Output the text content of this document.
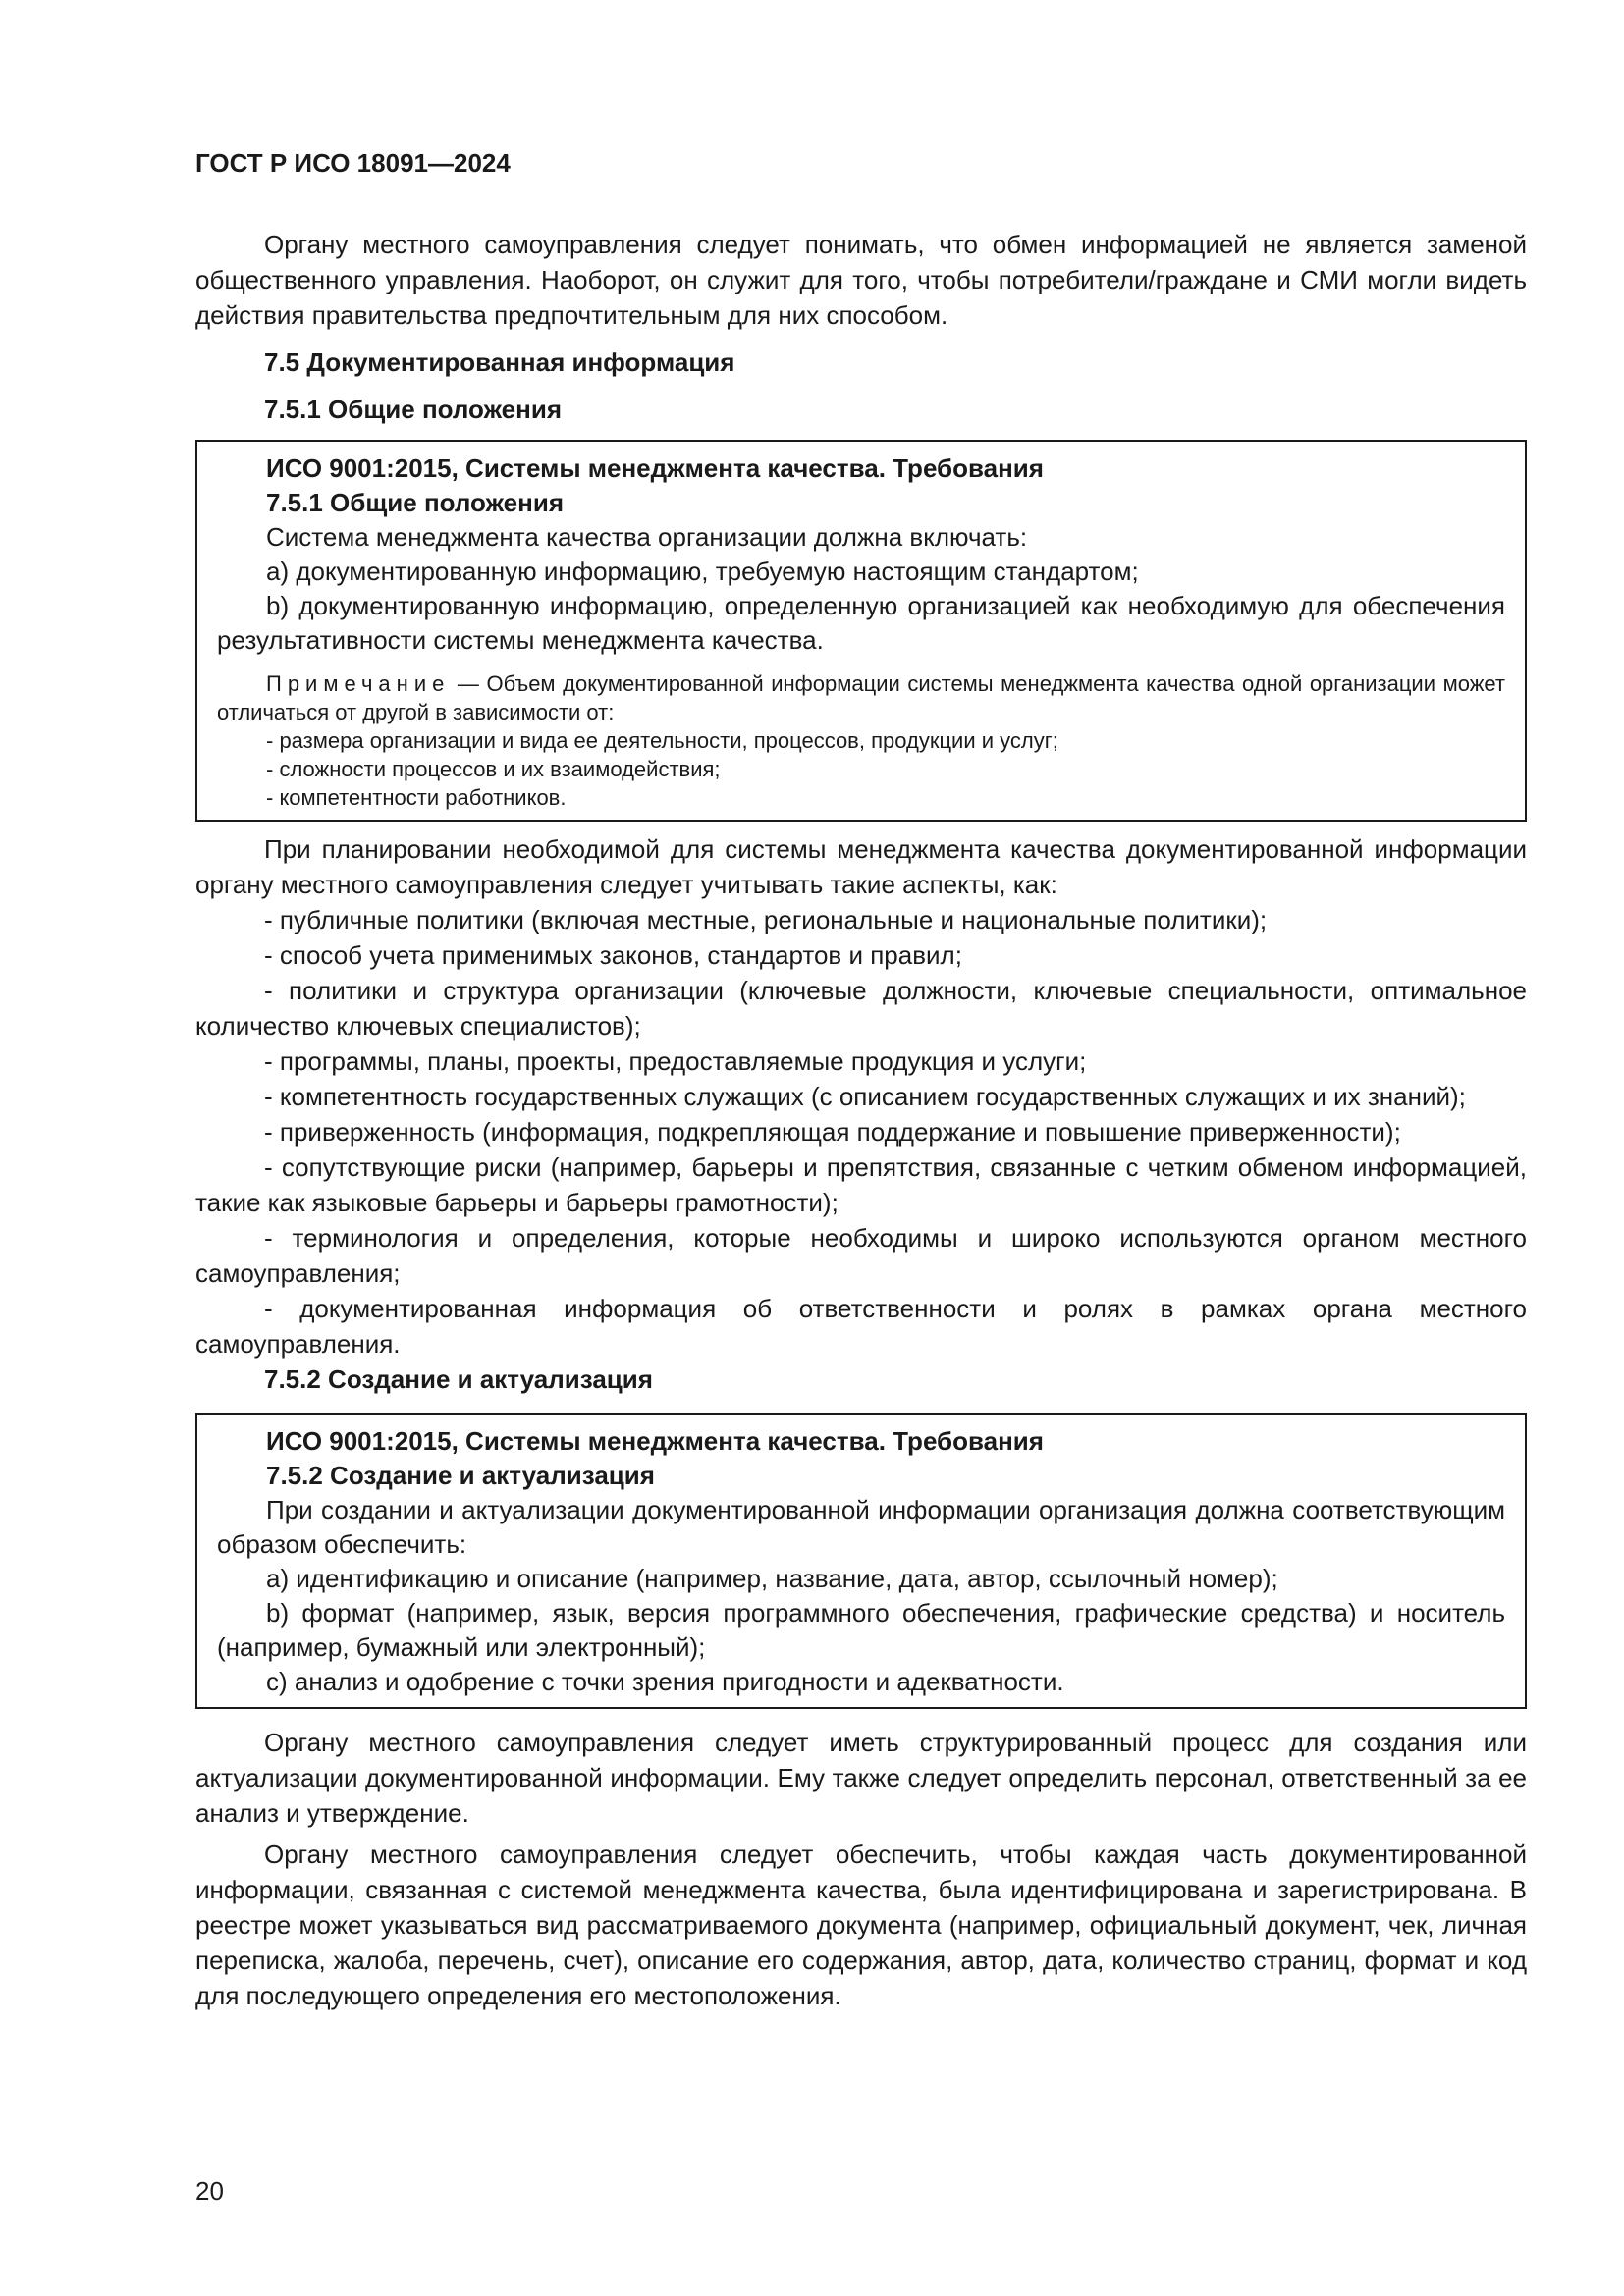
ГОСТ Р ИСО 18091—2024

Органу местного самоуправления следует понимать, что обмен информацией не является заменой общественного управления. Наоборот, он служит для того, чтобы потребители/граждане и СМИ могли видеть действия правительства предпочтительным для них способом.

7.5 Документированная информация
7.5.1 Общие положения
ИСО 9001:2015, Системы менеджмента качества. Требования
7.5.1 Общие положения

Система менеджмента качества организации должна включать:

a) документированную информацию, требуемую настоящим стандартом;

b) документированную информацию, определенную организацией как необходимую для обеспечения результативности системы менеджмента качества.

Примечание — Объем документированной информации системы менеджмента качества одной организации может отличаться от другой в зависимости от:
- размера организации и вида ее деятельности, процессов, продукции и услуг;
- сложности процессов и их взаимодействия;
- компетентности работников.

При планировании необходимой для системы менеджмента качества документированной информации органу местного самоуправления следует учитывать такие аспекты, как:

- публичные политики (включая местные, региональные и национальные политики);

- способ учета применимых законов, стандартов и правил;

- политики и структура организации (ключевые должности, ключевые специальности, оптимальное количество ключевых специалистов);

- программы, планы, проекты, предоставляемые продукция и услуги;

- компетентность государственных служащих (с описанием государственных служащих и их знаний);

- приверженность (информация, подкрепляющая поддержание и повышение приверженности);

- сопутствующие риски (например, барьеры и препятствия, связанные с четким обменом информацией, такие как языковые барьеры и барьеры грамотности);

- терминология и определения, которые необходимы и широко используются органом местного самоуправления;

- документированная информация об ответственности и ролях в рамках органа местного самоуправления.

7.5.2 Создание и актуализация
ИСО 9001:2015, Системы менеджмента качества. Требования
7.5.2 Создание и актуализация

При создании и актуализации документированной информации организация должна соответствующим образом обеспечить:

a) идентификацию и описание (например, название, дата, автор, ссылочный номер);

b) формат (например, язык, версия программного обеспечения, графические средства) и носитель (например, бумажный или электронный);

c) анализ и одобрение с точки зрения пригодности и адекватности.

Органу местного самоуправления следует иметь структурированный процесс для создания или актуализации документированной информации. Ему также следует определить персонал, ответственный за ее анализ и утверждение.

Органу местного самоуправления следует обеспечить, чтобы каждая часть документированной информации, связанная с системой менеджмента качества, была идентифицирована и зарегистрирована. В реестре может указываться вид рассматриваемого документа (например, официальный документ, чек, личная переписка, жалоба, перечень, счет), описание его содержания, автор, дата, количество страниц, формат и код для последующего определения его местоположения.

20
